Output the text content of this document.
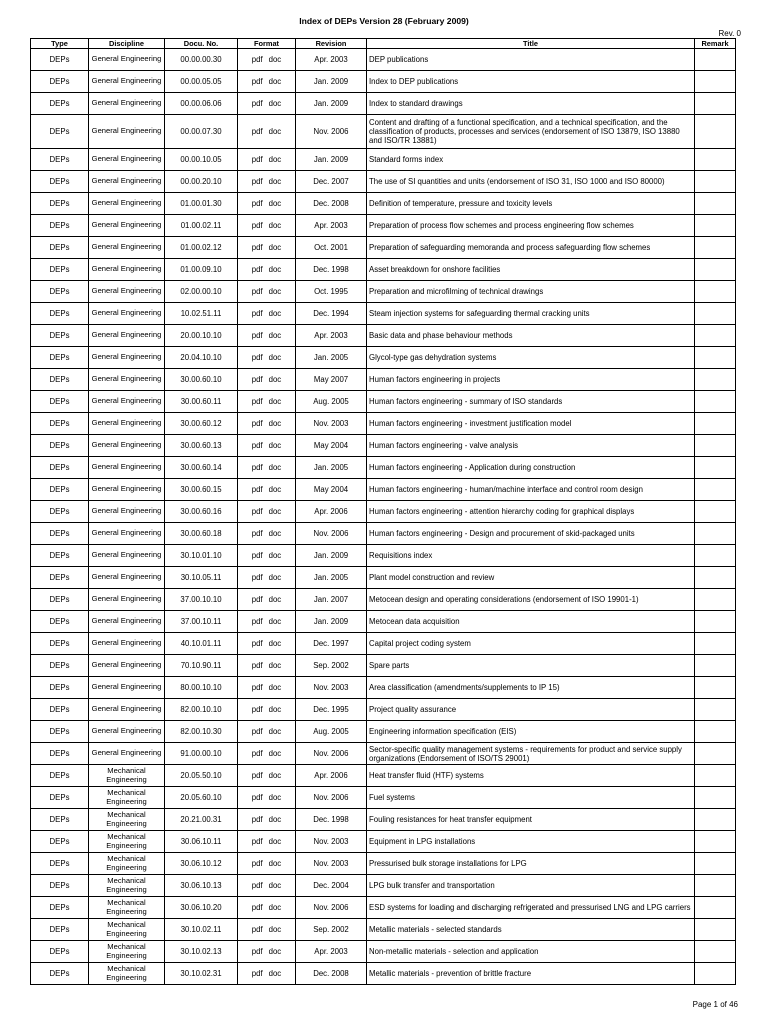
Index of DEPs Version 28 (February 2009)
Rev. 0
Type	Discipline	Docu. No.	Format	Revision	Title	Remark
DEPs	General Engineering	00.00.00.30	pdf doc	Apr. 2003	DEP publications	
DEPs	General Engineering	00.00.05.05	pdf doc	Jan. 2009	Index to DEP publications	
DEPs	General Engineering	00.00.06.06	pdf doc	Jan. 2009	Index to standard drawings	
DEPs	General Engineering	00.00.07.30	pdf doc	Nov. 2006	Content and drafting of a functional specification, and a technical specification, and the classification of products, processes and services (endorsement of ISO 13879, ISO 13880 and ISO/TR 13881)	
DEPs	General Engineering	00.00.10.05	pdf doc	Jan. 2009	Standard forms index	
DEPs	General Engineering	00.00.20.10	pdf doc	Dec. 2007	The use of SI quantities and units (endorsement of ISO 31, ISO 1000 and ISO 80000)	
DEPs	General Engineering	01.00.01.30	pdf doc	Dec. 2008	Definition of temperature, pressure and toxicity levels	
DEPs	General Engineering	01.00.02.11	pdf doc	Apr. 2003	Preparation of process flow schemes and process engineering flow schemes	
DEPs	General Engineering	01.00.02.12	pdf doc	Oct. 2001	Preparation of safeguarding memoranda and process safeguarding flow schemes	
DEPs	General Engineering	01.00.09.10	pdf doc	Dec. 1998	Asset breakdown for onshore facilities	
DEPs	General Engineering	02.00.00.10	pdf doc	Oct. 1995	Preparation and microfilming of technical drawings	
DEPs	General Engineering	10.02.51.11	pdf doc	Dec. 1994	Steam injection systems for safeguarding thermal cracking units	
DEPs	General Engineering	20.00.10.10	pdf doc	Apr. 2003	Basic data and phase behaviour methods	
DEPs	General Engineering	20.04.10.10	pdf doc	Jan. 2005	Glycol-type gas dehydration systems	
DEPs	General Engineering	30.00.60.10	pdf doc	May 2007	Human factors engineering in projects	
DEPs	General Engineering	30.00.60.11	pdf doc	Aug. 2005	Human factors engineering - summary of ISO standards	
DEPs	General Engineering	30.00.60.12	pdf doc	Nov. 2003	Human factors engineering - investment justification model	
DEPs	General Engineering	30.00.60.13	pdf doc	May 2004	Human factors engineering - valve analysis	
DEPs	General Engineering	30.00.60.14	pdf doc	Jan. 2005	Human factors engineering - Application during construction	
DEPs	General Engineering	30.00.60.15	pdf doc	May 2004	Human factors engineering - human/machine interface and control room design	
DEPs	General Engineering	30.00.60.16	pdf doc	Apr. 2006	Human factors engineering - attention hierarchy coding for graphical displays	
DEPs	General Engineering	30.00.60.18	pdf doc	Nov. 2006	Human factors engineering - Design and procurement of skid-packaged units	
DEPs	General Engineering	30.10.01.10	pdf doc	Jan. 2009	Requisitions index	
DEPs	General Engineering	30.10.05.11	pdf doc	Jan. 2005	Plant model construction and review	
DEPs	General Engineering	37.00.10.10	pdf doc	Jan. 2007	Metocean design and operating considerations (endorsement of ISO 19901-1)	
DEPs	General Engineering	37.00.10.11	pdf doc	Jan. 2009	Metocean data acquisition	
DEPs	General Engineering	40.10.01.11	pdf doc	Dec. 1997	Capital project coding system	
DEPs	General Engineering	70.10.90.11	pdf doc	Sep. 2002	Spare parts	
DEPs	General Engineering	80.00.10.10	pdf doc	Nov. 2003	Area classification (amendments/supplements to IP 15)	
DEPs	General Engineering	82.00.10.10	pdf doc	Dec. 1995	Project quality assurance	
DEPs	General Engineering	82.00.10.30	pdf doc	Aug. 2005	Engineering information specification (EIS)	
DEPs	General Engineering	91.00.00.10	pdf doc	Nov. 2006	Sector-specific quality management systems - requirements for product and service supply organizations (Endorsement of ISO/TS 29001)	
DEPs	Mechanical Engineering	20.05.50.10	pdf doc	Apr. 2006	Heat transfer fluid (HTF) systems	
DEPs	Mechanical Engineering	20.05.60.10	pdf doc	Nov. 2006	Fuel systems	
DEPs	Mechanical Engineering	20.21.00.31	pdf doc	Dec. 1998	Fouling resistances for heat transfer equipment	
DEPs	Mechanical Engineering	30.06.10.11	pdf doc	Nov. 2003	Equipment in LPG installations	
DEPs	Mechanical Engineering	30.06.10.12	pdf doc	Nov. 2003	Pressurised bulk storage installations for LPG	
DEPs	Mechanical Engineering	30.06.10.13	pdf doc	Dec. 2004	LPG bulk transfer and transportation	
DEPs	Mechanical Engineering	30.06.10.20	pdf doc	Nov. 2006	ESD systems for loading and discharging refrigerated and pressurised LNG and LPG carriers	
DEPs	Mechanical Engineering	30.10.02.11	pdf doc	Sep. 2002	Metallic materials - selected standards	
DEPs	Mechanical Engineering	30.10.02.13	pdf doc	Apr. 2003	Non-metallic materials - selection and application	
DEPs	Mechanical Engineering	30.10.02.31	pdf doc	Dec. 2008	Metallic materials - prevention of brittle fracture	
Page 1 of 46
